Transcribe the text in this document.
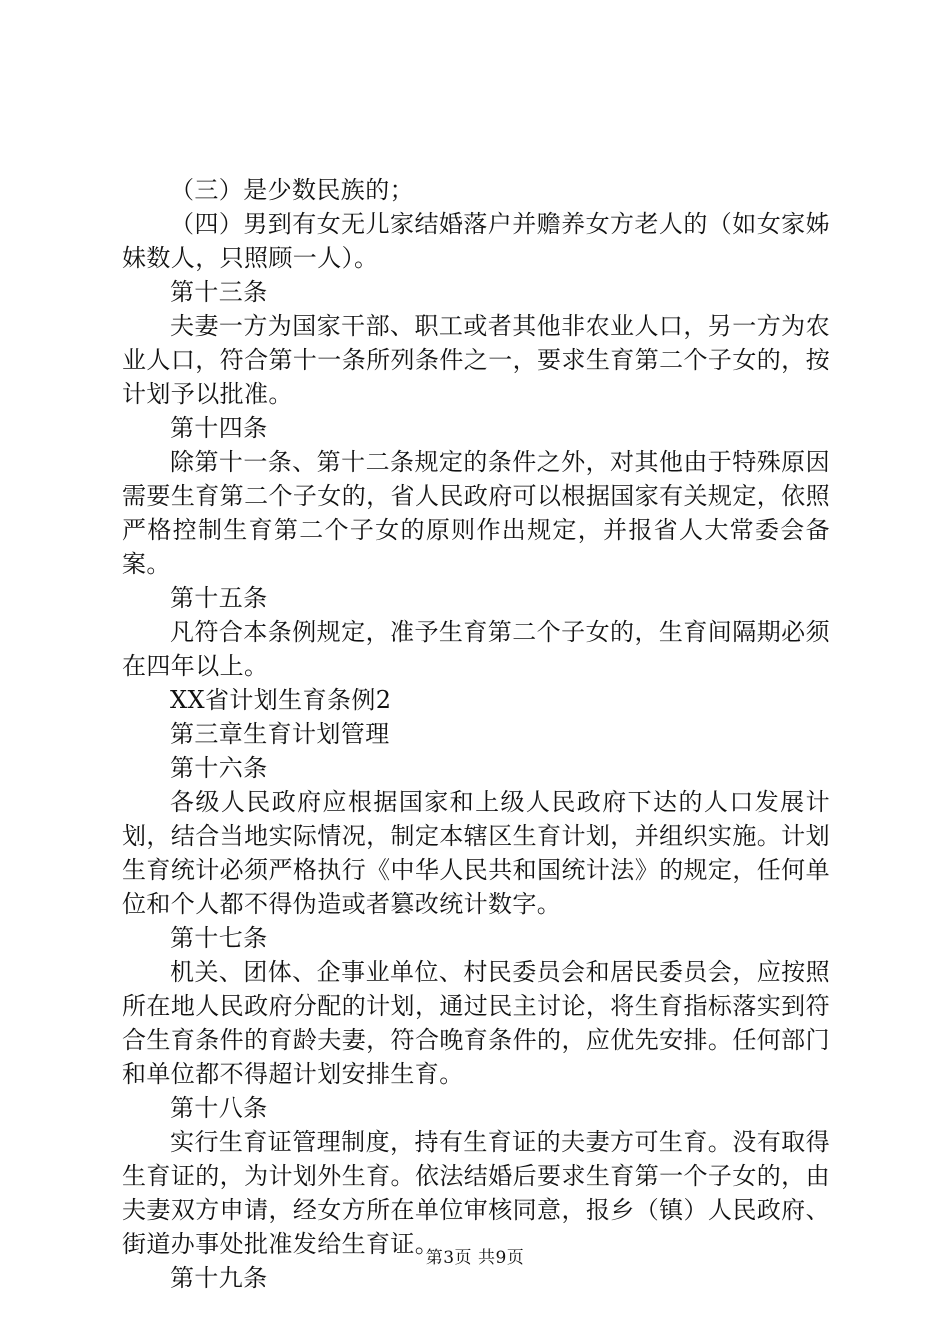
（三）是少数民族的；

（四）男到有女无儿家结婚落户并赡养女方老人的（如女家姊妹数人，只照顾一人）。

第十三条

夫妻一方为国家干部、职工或者其他非农业人口，另一方为农业人口，符合第十一条所列条件之一，要求生育第二个子女的，按计划予以批准。

第十四条

除第十一条、第十二条规定的条件之外，对其他由于特殊原因需要生育第二个子女的，省人民政府可以根据国家有关规定，依照严格控制生育第二个子女的原则作出规定，并报省人大常委会备案。

第十五条

凡符合本条例规定，准予生育第二个子女的，生育间隔期必须在四年以上。

XX省计划生育条例2

第三章生育计划管理

第十六条

各级人民政府应根据国家和上级人民政府下达的人口发展计划，结合当地实际情况，制定本辖区生育计划，并组织实施。计划生育统计必须严格执行《中华人民共和国统计法》的规定，任何单位和个人都不得伪造或者篡改统计数字。

第十七条

机关、团体、企事业单位、村民委员会和居民委员会，应按照所在地人民政府分配的计划，通过民主讨论，将生育指标落实到符合生育条件的育龄夫妻，符合晚育条件的，应优先安排。任何部门和单位都不得超计划安排生育。

第十八条

实行生育证管理制度，持有生育证的夫妻方可生育。没有取得生育证的，为计划外生育。依法结婚后要求生育第一个子女的，由夫妻双方申请，经女方所在单位审核同意，报乡（镇）人民政府、街道办事处批准发给生育证。

第十九条

第3页 共9页
